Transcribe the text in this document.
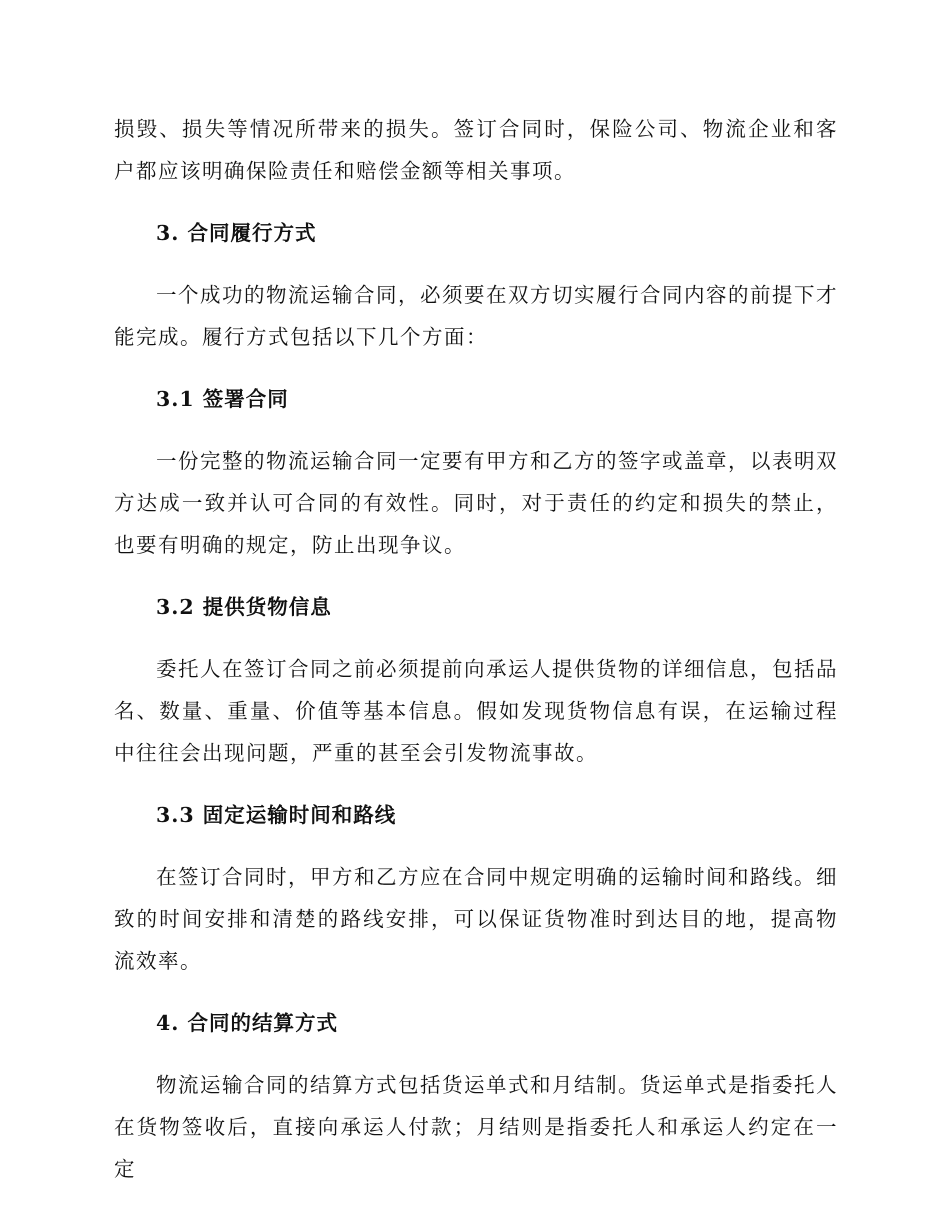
损毁、损失等情况所带来的损失。签订合同时，保险公司、物流企业和客户都应该明确保险责任和赔偿金额等相关事项。

3. 合同履行方式

一个成功的物流运输合同，必须要在双方切实履行合同内容的前提下才能完成。履行方式包括以下几个方面：

3.1 签署合同

一份完整的物流运输合同一定要有甲方和乙方的签字或盖章，以表明双方达成一致并认可合同的有效性。同时，对于责任的约定和损失的禁止，也要有明确的规定，防止出现争议。

3.2 提供货物信息

委托人在签订合同之前必须提前向承运人提供货物的详细信息，包括品名、数量、重量、价值等基本信息。假如发现货物信息有误，在运输过程中往往会出现问题，严重的甚至会引发物流事故。

3.3 固定运输时间和路线

在签订合同时，甲方和乙方应在合同中规定明确的运输时间和路线。细致的时间安排和清楚的路线安排，可以保证货物准时到达目的地，提高物流效率。

4. 合同的结算方式

物流运输合同的结算方式包括货运单式和月结制。货运单式是指委托人在货物签收后，直接向承运人付款；月结则是指委托人和承运人约定在一定
